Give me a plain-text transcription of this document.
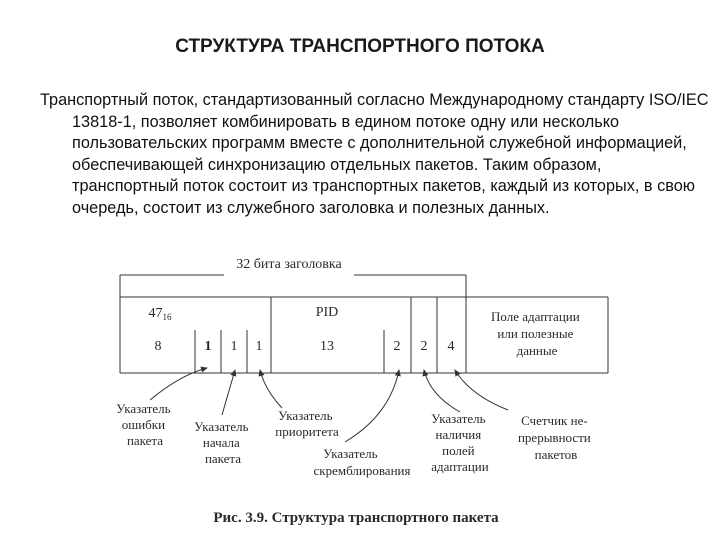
СТРУКТУРА ТРАНСПОРТНОГО ПОТОКА

Транспортный поток, стандартизованный согласно Международному стандарту ISO/IEC 13818-1, позволяет комбинировать в едином потоке одну или несколько пользовательских программ вместе с дополнительной служебной информацией, обеспечивающей синхронизацию отдельных пакетов. Таким образом, транспортный поток состоит из транспортных пакетов, каждый из которых, в свою очередь, состоит из служебного заголовка и полезных данных.

32 бита заголовка
$47_{16}$	PID
8	1 1 1	13	2 2 4
Поле адаптации или полезные данные
Указатель ошибки пакета
Указатель начала пакета
Указатель приоритета
Указатель скремблирования
Указатель наличия полей адаптации
Счетчик не- прерывности пакетов
Рис. 3.9. Структура транспортного пакета
